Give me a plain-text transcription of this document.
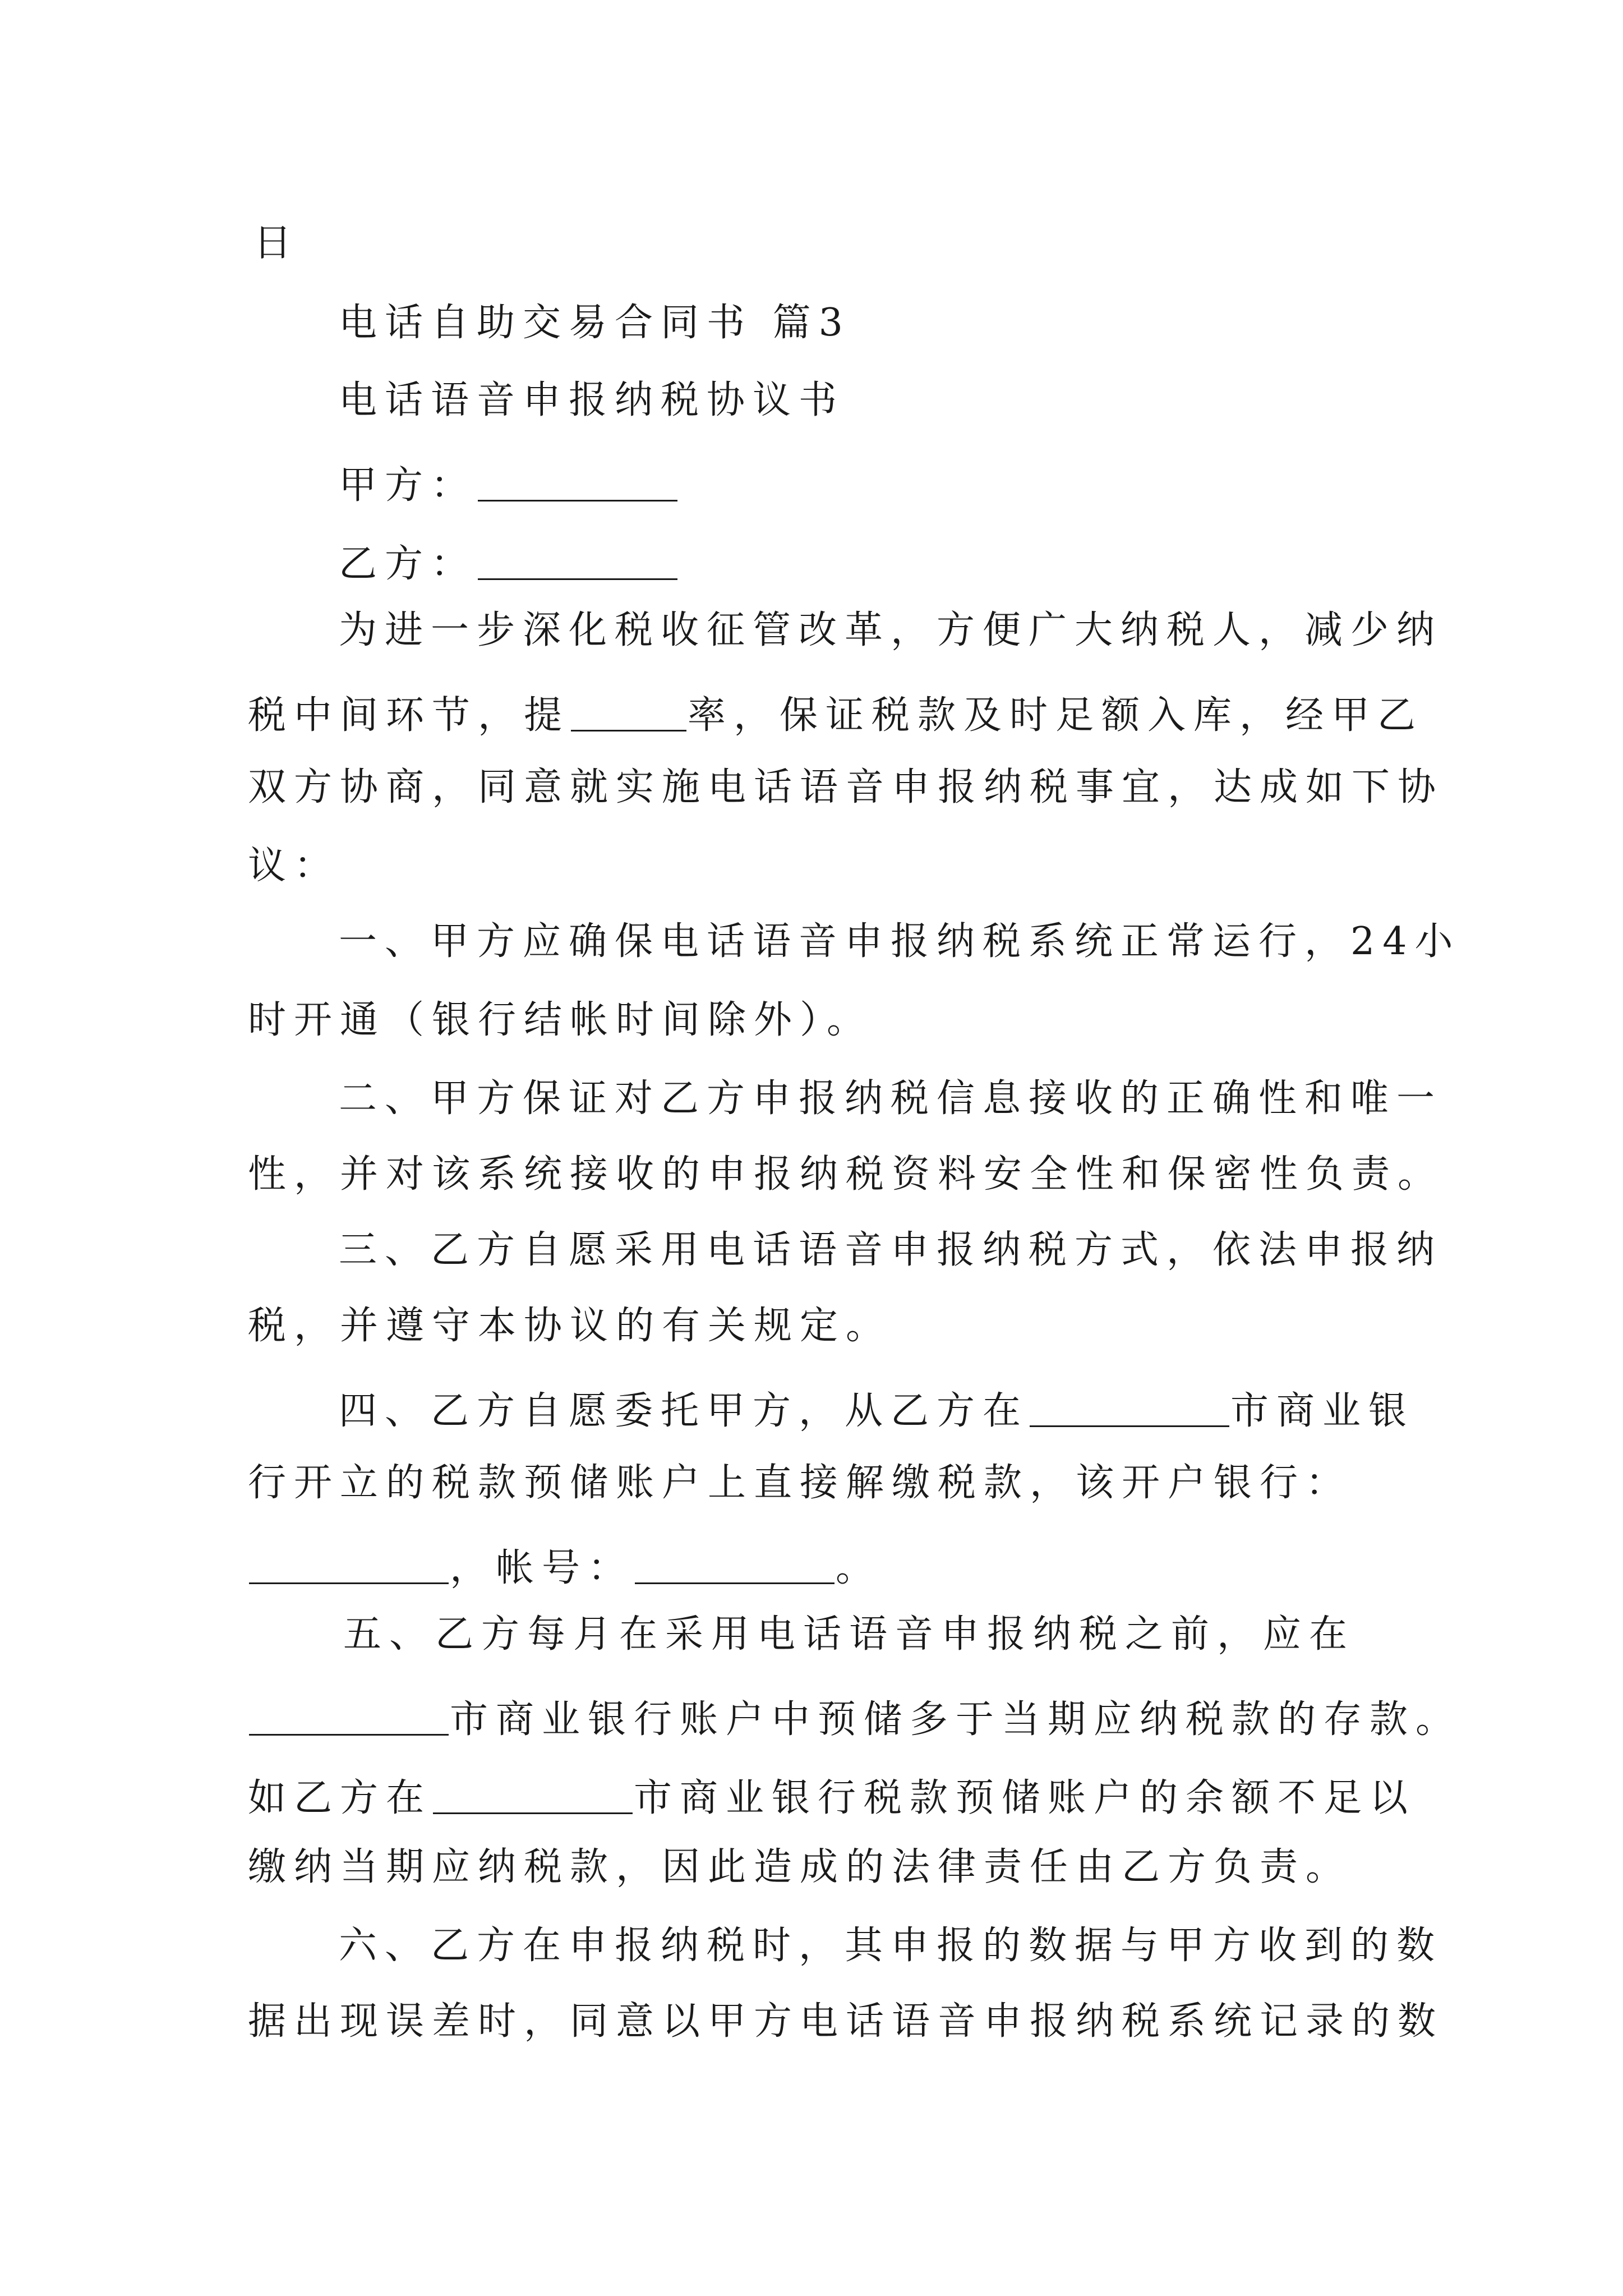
日
电话自助交易合同书 篇3
电话语音申报纳税协议书
甲方：
乙方：
为进一步深化税收征管改革，方便广大纳税人，减少纳
税中间环节，提	率，保证税款及时足额入库，经甲乙
双方协商，同意就实施电话语音申报纳税事宜，达成如下协
议：
一、甲方应确保电话语音申报纳税系统正常运行，24小
时开通（银行结帐时间除外）。
二、甲方保证对乙方申报纳税信息接收的正确性和唯一
性，并对该系统接收的申报纳税资料安全性和保密性负责。
三、乙方自愿采用电话语音申报纳税方式，依法申报纳
税，并遵守本协议的有关规定。
四、乙方自愿委托甲方，从乙方在	市商业银
行开立的税款预储账户上直接解缴税款，该开户银行：
，帐号：	。
五、乙方每月在采用电话语音申报纳税之前，应在
市商业银行账户中预储多于当期应纳税款的存款。
如乙方在	市商业银行税款预储账户的余额不足以
缴纳当期应纳税款，因此造成的法律责任由乙方负责。
六、乙方在申报纳税时，其申报的数据与甲方收到的数
据出现误差时，同意以甲方电话语音申报纳税系统记录的数
